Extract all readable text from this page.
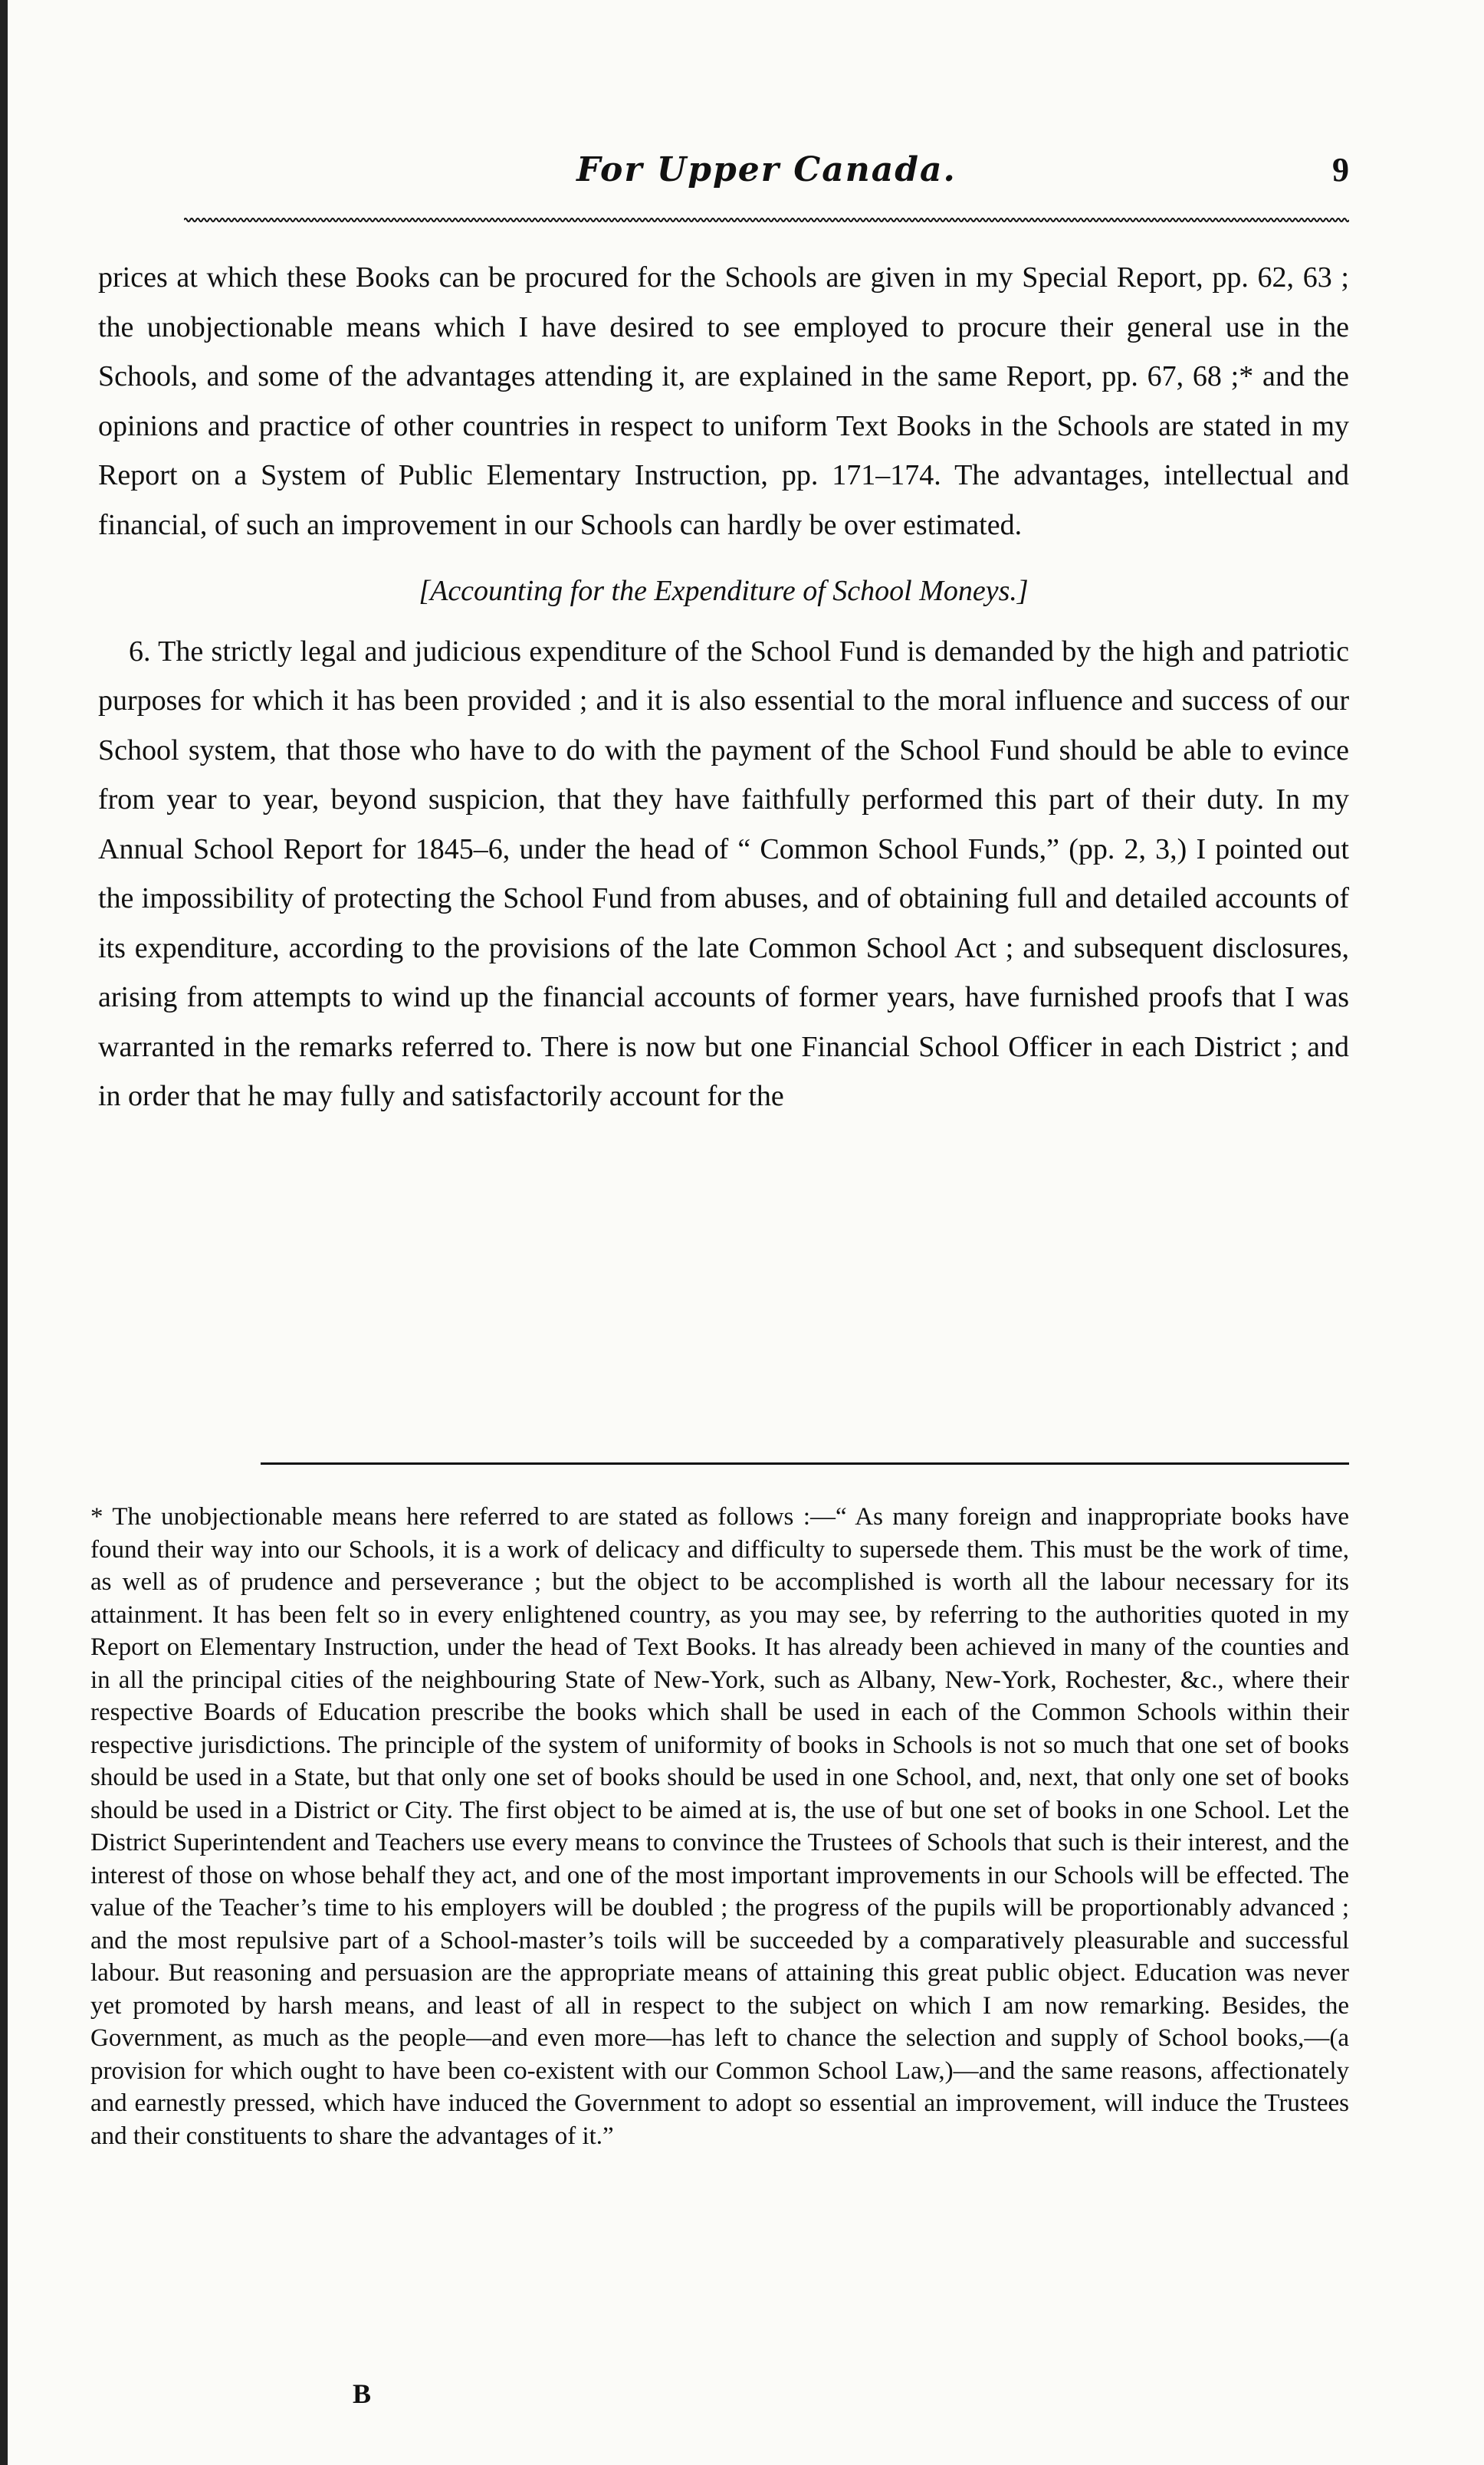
For Upper Canada.	9

prices at which these Books can be procured for the Schools are given in my Special Report, pp. 62, 63 ; the unobjectionable means which I have desired to see employed to procure their general use in the Schools, and some of the advantages attending it, are explained in the same Report, pp. 67, 68 ;* and the opinions and practice of other countries in respect to uniform Text Books in the Schools are stated in my Report on a System of Public Elementary Instruction, pp. 171–174. The advantages, intellectual and financial, of such an improvement in our Schools can hardly be over estimated.

[Accounting for the Expenditure of School Moneys.]

6. The strictly legal and judicious expenditure of the School Fund is demanded by the high and patriotic purposes for which it has been provided ; and it is also essential to the moral influence and success of our School system, that those who have to do with the payment of the School Fund should be able to evince from year to year, beyond suspicion, that they have faithfully performed this part of their duty. In my Annual School Report for 1845–6, under the head of “ Common School Funds,” (pp. 2, 3,) I pointed out the impossibility of protecting the School Fund from abuses, and of obtaining full and detailed accounts of its expenditure, according to the provisions of the late Common School Act ; and subsequent disclosures, arising from attempts to wind up the financial accounts of former years, have furnished proofs that I was warranted in the remarks referred to. There is now but one Financial School Officer in each District ; and in order that he may fully and satisfactorily account for the

* The unobjectionable means here referred to are stated as follows :—“ As many foreign and inappropriate books have found their way into our Schools, it is a work of delicacy and difficulty to supersede them. This must be the work of time, as well as of prudence and perseverance ; but the object to be accomplished is worth all the labour necessary for its attainment. It has been felt so in every enlightened country, as you may see, by referring to the authorities quoted in my Report on Elementary Instruction, under the head of Text Books. It has already been achieved in many of the counties and in all the principal cities of the neighbouring State of New-York, such as Albany, New-York, Rochester, &c., where their respective Boards of Education prescribe the books which shall be used in each of the Common Schools within their respective jurisdictions. The principle of the system of uniformity of books in Schools is not so much that one set of books should be used in a State, but that only one set of books should be used in one School, and, next, that only one set of books should be used in a District or City. The first object to be aimed at is, the use of but one set of books in one School. Let the District Superintendent and Teachers use every means to convince the Trustees of Schools that such is their interest, and the interest of those on whose behalf they act, and one of the most important improvements in our Schools will be effected. The value of the Teacher’s time to his employers will be doubled ; the progress of the pupils will be proportionably advanced ; and the most repulsive part of a School-master’s toils will be succeeded by a comparatively pleasurable and successful labour. But reasoning and persuasion are the appropriate means of attaining this great public object. Education was never yet promoted by harsh means, and least of all in respect to the subject on which I am now remarking. Besides, the Government, as much as the people—and even more—has left to chance the selection and supply of School books,—(a provision for which ought to have been co-existent with our Common School Law,)—and the same reasons, affectionately and earnestly pressed, which have induced the Government to adopt so essential an improvement, will induce the Trustees and their constituents to share the advantages of it.”

B
